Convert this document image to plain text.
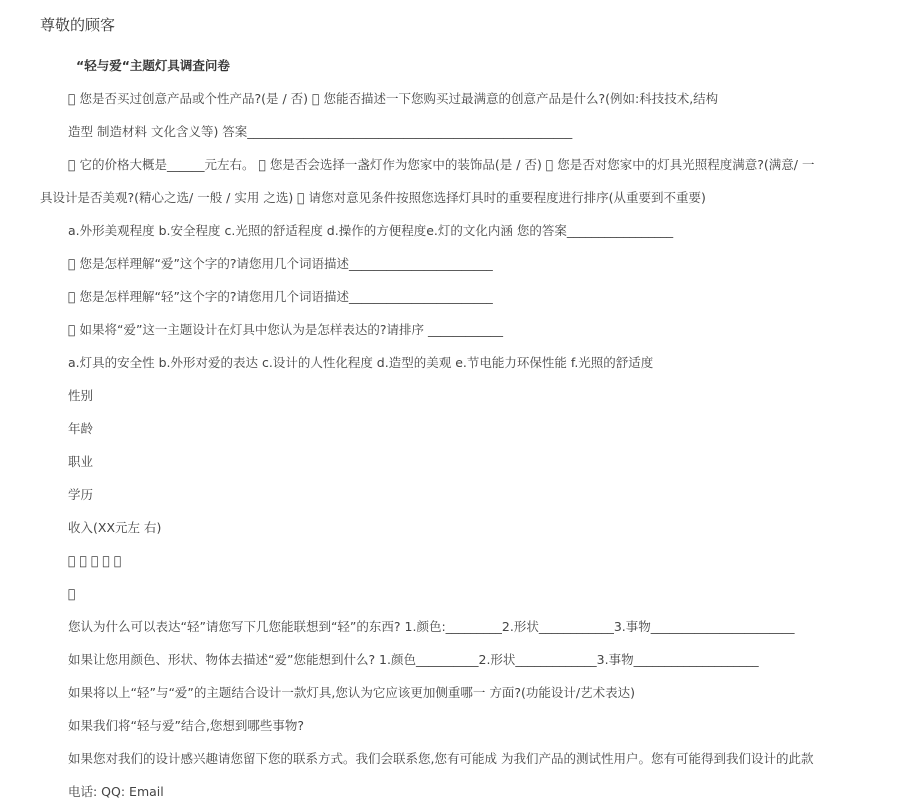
尊敬的顾客
“轻与爱“主题灯具调查问卷
  您是否买过创意产品或个性产品?(是 / 否)   您能否描述一下您购买过最满意的创意产品是什么?(例如:科技技术,结构
造型 制造材料 文化含义等) 答案____________________________________________________
  它的价格大概是______元左右。   您是否会选择一盏灯作为您家中的装饰品(是 / 否)   您是否对您家中的灯具光照程度满意?(满意/ 一
具设计是否美观?(精心之选/ 一般 / 实用 之选)   请您对意见条件按照您选择灯具时的重要程度进行排序(从重要到不重要)
a.外形美观程度 b.安全程度 c.光照的舒适程度 d.操作的方便程度e.灯的文化内涵 您的答案_________________
  您是怎样理解“爱”这个字的?请您用几个词语描述_______________________
  您是怎样理解“轻”这个字的?请您用几个词语描述_______________________
  如果将“爱”这一主题设计在灯具中您认为是怎样表达的?请排序 ____________
a.灯具的安全性 b.外形对爱的表达 c.设计的人性化程度 d.造型的美观 e.节电能力环保性能 f.光照的舒适度
性别
年龄
职业
学历
收入(XX元左 右)
         
 
您认为什么可以表达“轻”请您写下几您能联想到“轻”的东西? 1.颜色:_________2.形状____________3.事物_______________________
如果让您用颜色、形状、物体去描述“爱”您能想到什么? 1.颜色__________2.形状_____________3.事物____________________
如果将以上“轻”与“爱”的主题结合设计一款灯具,您认为它应该更加侧重哪一 方面?(功能设计/艺术表达)
如果我们将“轻与爱”结合,您想到哪些事物?
如果您对我们的设计感兴趣请您留下您的联系方式。我们会联系您,您有可能成 为我们产品的测试性用户。您有可能得到我们设计的此款
电话: QQ: Email
